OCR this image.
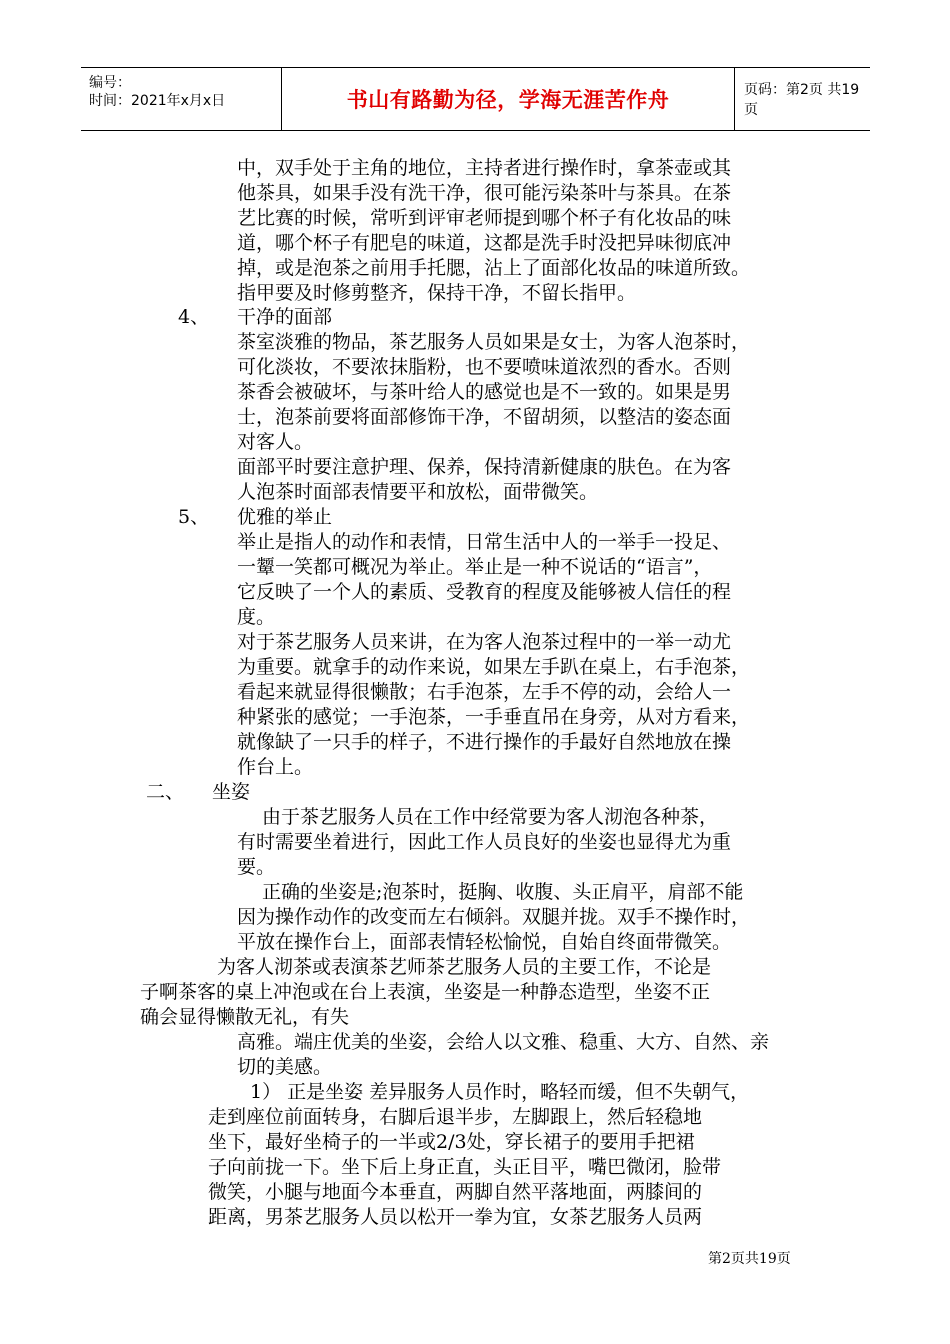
编号：
时间：2021年x月x日	书山有路勤为径，学海无涯苦作舟	页码：第2页 共19页
中，双手处于主角的地位，主持者进行操作时，拿茶壶或其
他茶具，如果手没有洗干净，很可能污染茶叶与茶具。在茶
艺比赛的时候，常听到评审老师提到哪个杯子有化妆品的味
道，哪个杯子有肥皂的味道，这都是洗手时没把异味彻底冲
掉，或是泡茶之前用手托腮，沾上了面部化妆品的味道所致。
指甲要及时修剪整齐，保持干净，不留长指甲。
4、 干净的面部
茶室淡雅的物品，茶艺服务人员如果是女士，为客人泡茶时，
可化淡妆，不要浓抹脂粉，也不要喷味道浓烈的香水。否则
茶香会被破坏，与茶叶给人的感觉也是不一致的。如果是男
士，泡茶前要将面部修饰干净，不留胡须，以整洁的姿态面
对客人。
面部平时要注意护理、保养，保持清新健康的肤色。在为客
人泡茶时面部表情要平和放松，面带微笑。
5、 优雅的举止
举止是指人的动作和表情，日常生活中人的一举手一投足、
一颦一笑都可概况为举止。举止是一种不说话的“语言”，
它反映了一个人的素质、受教育的程度及能够被人信任的程
度。
对于茶艺服务人员来讲，在为客人泡茶过程中的一举一动尤
为重要。就拿手的动作来说，如果左手趴在桌上，右手泡茶，
看起来就显得很懒散；右手泡茶，左手不停的动，会给人一
种紧张的感觉；一手泡茶，一手垂直吊在身旁，从对方看来，
就像缺了一只手的样子，不进行操作的手最好自然地放在操
作台上。
二、 坐姿
由于茶艺服务人员在工作中经常要为客人沏泡各种茶，
有时需要坐着进行，因此工作人员良好的坐姿也显得尤为重
要。
正确的坐姿是;泡茶时，挺胸、收腹、头正肩平，肩部不能
因为操作动作的改变而左右倾斜。双腿并拢。双手不操作时，
平放在操作台上，面部表情轻松愉悦，自始自终面带微笑。
为客人沏茶或表演茶艺师茶艺服务人员的主要工作，不论是
子啊茶客的桌上冲泡或在台上表演，坐姿是一种静态造型，坐姿不正
确会显得懒散无礼，有失
高雅。端庄优美的坐姿，会给人以文雅、稳重、大方、自然、亲
切的美感。
1） 正是坐姿 差异服务人员作时，略轻而缓，但不失朝气，
走到座位前面转身，右脚后退半步，左脚跟上，然后轻稳地
坐下，最好坐椅子的一半或2/3处，穿长裙子的要用手把裙
子向前拢一下。坐下后上身正直，头正目平，嘴巴微闭，脸带
微笑，小腿与地面今本垂直，两脚自然平落地面，两膝间的
距离，男茶艺服务人员以松开一拳为宜，女茶艺服务人员两
第2页共19页
